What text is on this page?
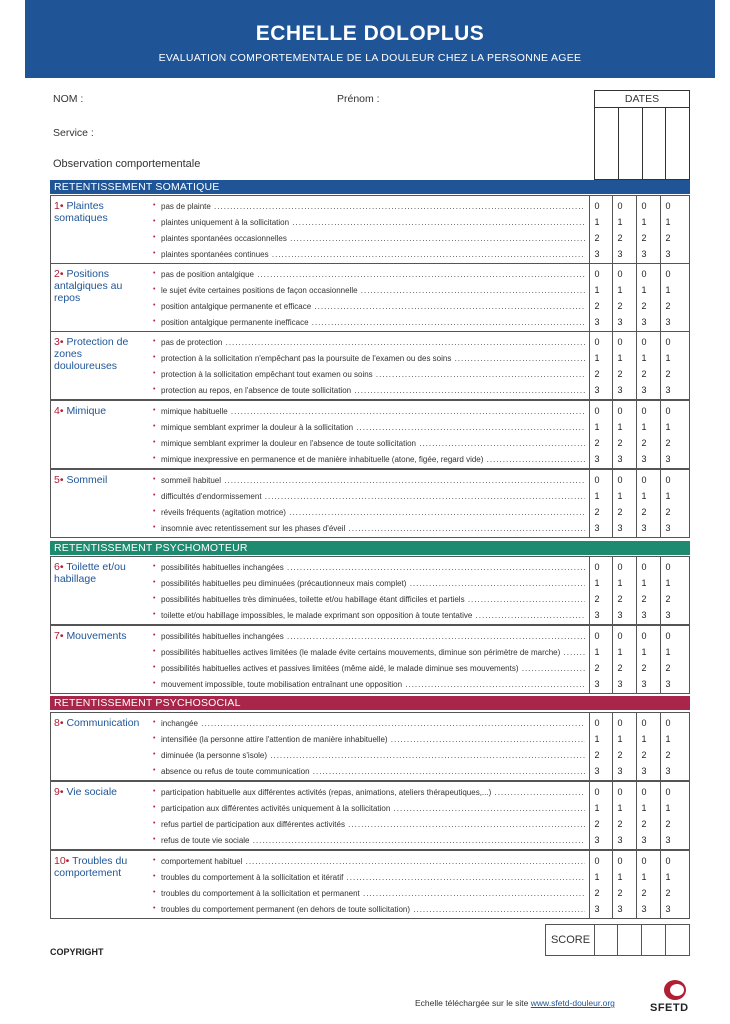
ECHELLE DOLOPLUS
EVALUATION COMPORTEMENTALE DE LA DOULEUR CHEZ LA PERSONNE AGEE
NOM :	Prénom :
Service :
Observation comportementale
DATES
RETENTISSEMENT SOMATIQUE
RETENTISSEMENT PSYCHOMOTEUR
RETENTISSEMENT PSYCHOSOCIAL
1• Plaintes somatiques
• pas de plainte .....	0	0	0	0
• plaintes uniquement à la sollicitation .....	1	1	1	1
• plaintes spontanées occasionnelles .....	2	2	2	2
• plaintes spontanées continues .....	3	3	3	3
2• Positions antalgiques au repos
• pas de position antalgique .....	0	0	0	0
• le sujet évite certaines positions de façon occasionnelle .....	1	1	1	1
• position antalgique permanente et efficace .....	2	2	2	2
• position antalgique permanente inefficace .....	3	3	3	3
3• Protection de zones douloureuses
• pas de protection .....	0	0	0	0
• protection à la sollicitation n'empêchant pas la poursuite de l'examen ou des soins .....	1	1	1	1
• protection à la sollicitation empêchant tout examen ou soins .....	2	2	2	2
• protection au repos, en l'absence de toute sollicitation .....	3	3	3	3
4• Mimique	• mimique habituelle .....	0	0	0	0
• mimique semblant exprimer la douleur à la sollicitation .....	1	1	1	1
• mimique semblant exprimer la douleur en l'absence de toute sollicitation .....	2	2	2	2
• mimique inexpressive en permanence et de manière inhabituelle (atone, figée, regard vide) .....	3	3	3	3
5• Sommeil	• sommeil habituel .....	0	0	0	0
• difficultés d'endormissement .....	1	1	1	1
• réveils fréquents (agitation motrice) .....	2	2	2	2
• insomnie avec retentissement sur les phases d'éveil .....	3	3	3	3
6• Toilette et/ou habillage
• possibilités habituelles inchangées .....	0	0	0	0
• possibilités habituelles peu diminuées (précautionneux mais complet) .....	1	1	1	1
• possibilités habituelles très diminuées, toilette et/ou habillage étant difficiles et partiels .....	2	2	2	2
• toilette et/ou habillage impossibles, le malade exprimant son opposition à toute tentative .....	3	3	3	3
7• Mouvements	• possibilités habituelles inchangées .....	0	0	0	0
• possibilités habituelles actives limitées (le malade évite certains mouvements, diminue son périmètre de marche) .....	1	1	1	1
• possibilités habituelles actives et passives limitées (même aidé, le malade diminue ses mouvements) .....	2	2	2	2
• mouvement impossible, toute mobilisation entraînant une opposition .....	3	3	3	3
8• Communication	• inchangée .....	0	0	0	0
• intensifiée (la personne attire l'attention de manière inhabituelle) .....	1	1	1	1
• diminuée (la personne s'isole) .....	2	2	2	2
• absence ou refus de toute communication .....	3	3	3	3
9• Vie sociale	• participation habituelle aux différentes activités (repas, animations, ateliers thérapeutiques,...) .....	0	0	0	0
• participation aux différentes activités uniquement à la sollicitation .....	1	1	1	1
• refus partiel de participation aux différentes activités .....	2	2	2	2
• refus de toute vie sociale .....	3	3	3	3
10• Troubles du comportement
• comportement habituel .....	0	0	0	0
• troubles du comportement à la sollicitation et itératif .....	1	1	1	1
• troubles du comportement à la sollicitation et permanent .....	2	2	2	2
• troubles du comportement permanent (en dehors de toute sollicitation) .....	3	3	3	3
SCORE
COPYRIGHT
Echelle téléchargée sur le site www.sfetd-douleur.org	SFETD
